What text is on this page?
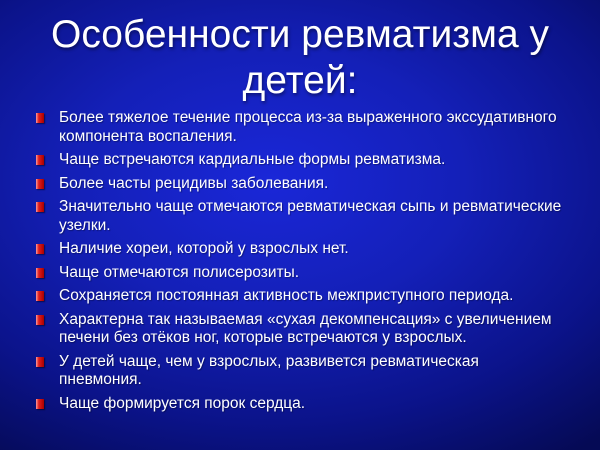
Особенности ревматизма у детей:
Более тяжелое течение процесса из-за выраженного экссудативного компонента воспаления.
Чаще встречаются кардиальные формы ревматизма.
Более часты рецидивы заболевания.
Значительно чаще отмечаются ревматическая сыпь и ревматические узелки.
Наличие хореи, которой у взрослых нет.
Чаще отмечаются полисерозиты.
Сохраняется постоянная активность межприступного периода.
Характерна так называемая «сухая декомпенсация» с увеличением печени без отёков ног, которые встречаются у взрослых.
У детей чаще, чем у взрослых, развивется ревматическая пневмония.
Чаще формируется порок сердца.
